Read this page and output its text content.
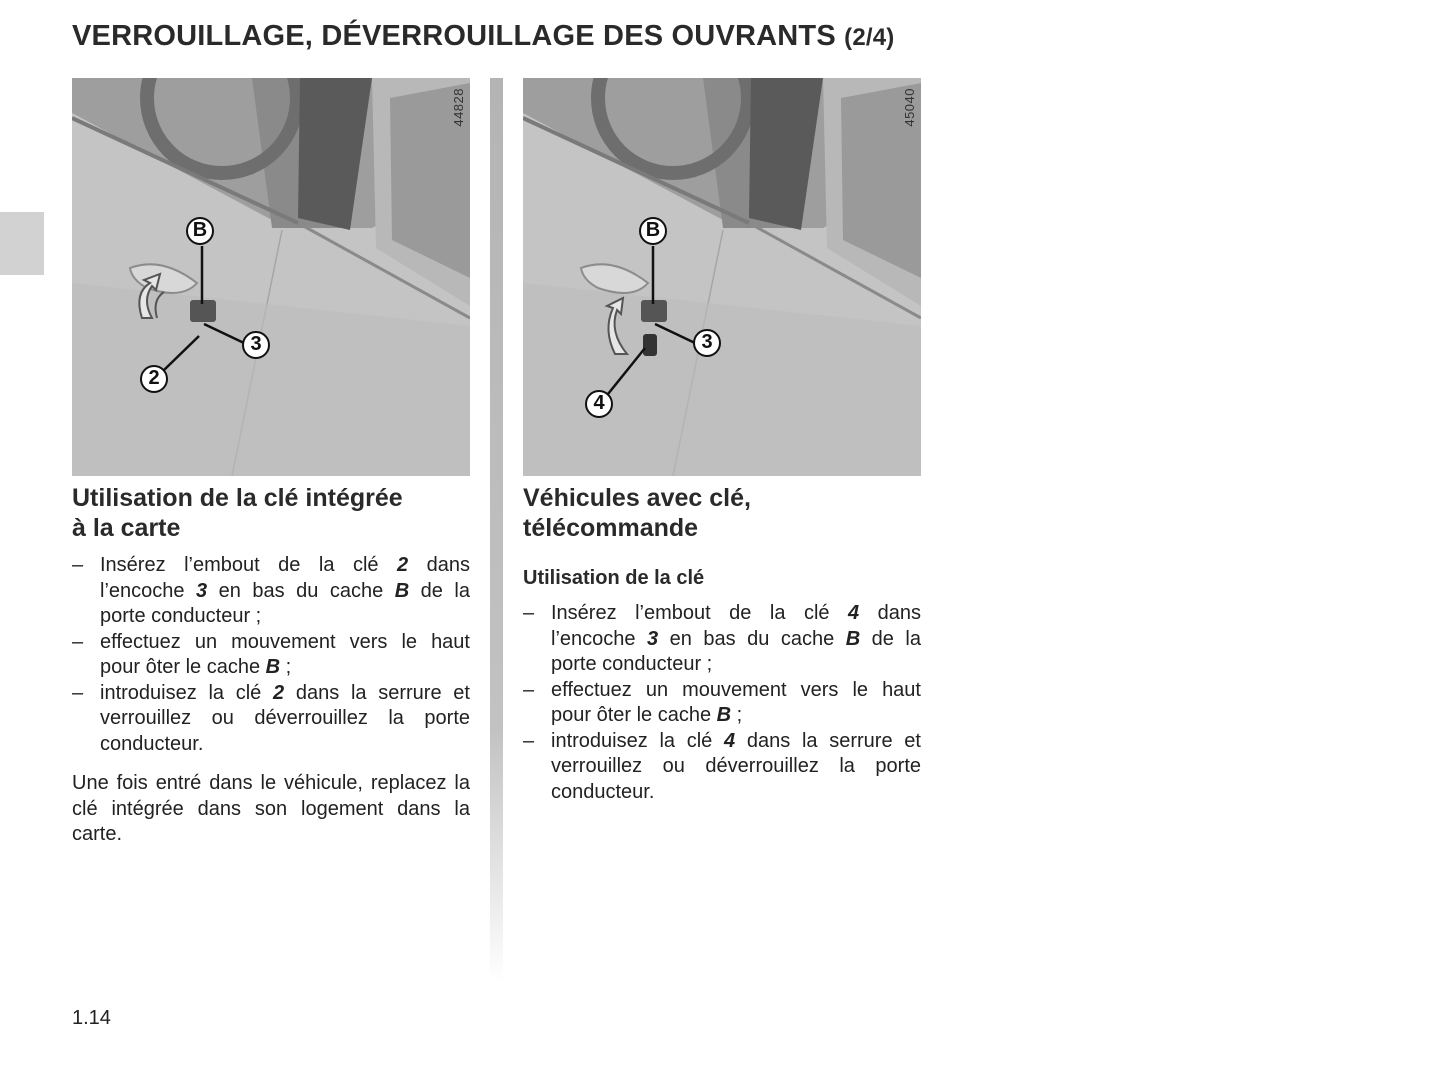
VERROUILLAGE, DÉVERROUILLAGE DES OUVRANTS (2/4)
44828
B
3
2
45040
B
3
4
Utilisation de la clé intégrée
à la carte
– Insérez l’embout de la clé 2 dans l’encoche 3 en bas du cache B de la porte conducteur ;
– effectuez un mouvement vers le haut pour ôter le cache B ;
– introduisez la clé 2 dans la serrure et verrouillez ou déverrouillez la porte conducteur.

Une fois entré dans le véhicule, replacez la clé intégrée dans son logement dans la carte.

Véhicules avec clé,
télécommande
Utilisation de la clé
– Insérez l’embout de la clé 4 dans l’encoche 3 en bas du cache B de la porte conducteur ;
– effectuez un mouvement vers le haut pour ôter le cache B ;
– introduisez la clé 4 dans la serrure et verrouillez ou déverrouillez la porte conducteur.
1.14
